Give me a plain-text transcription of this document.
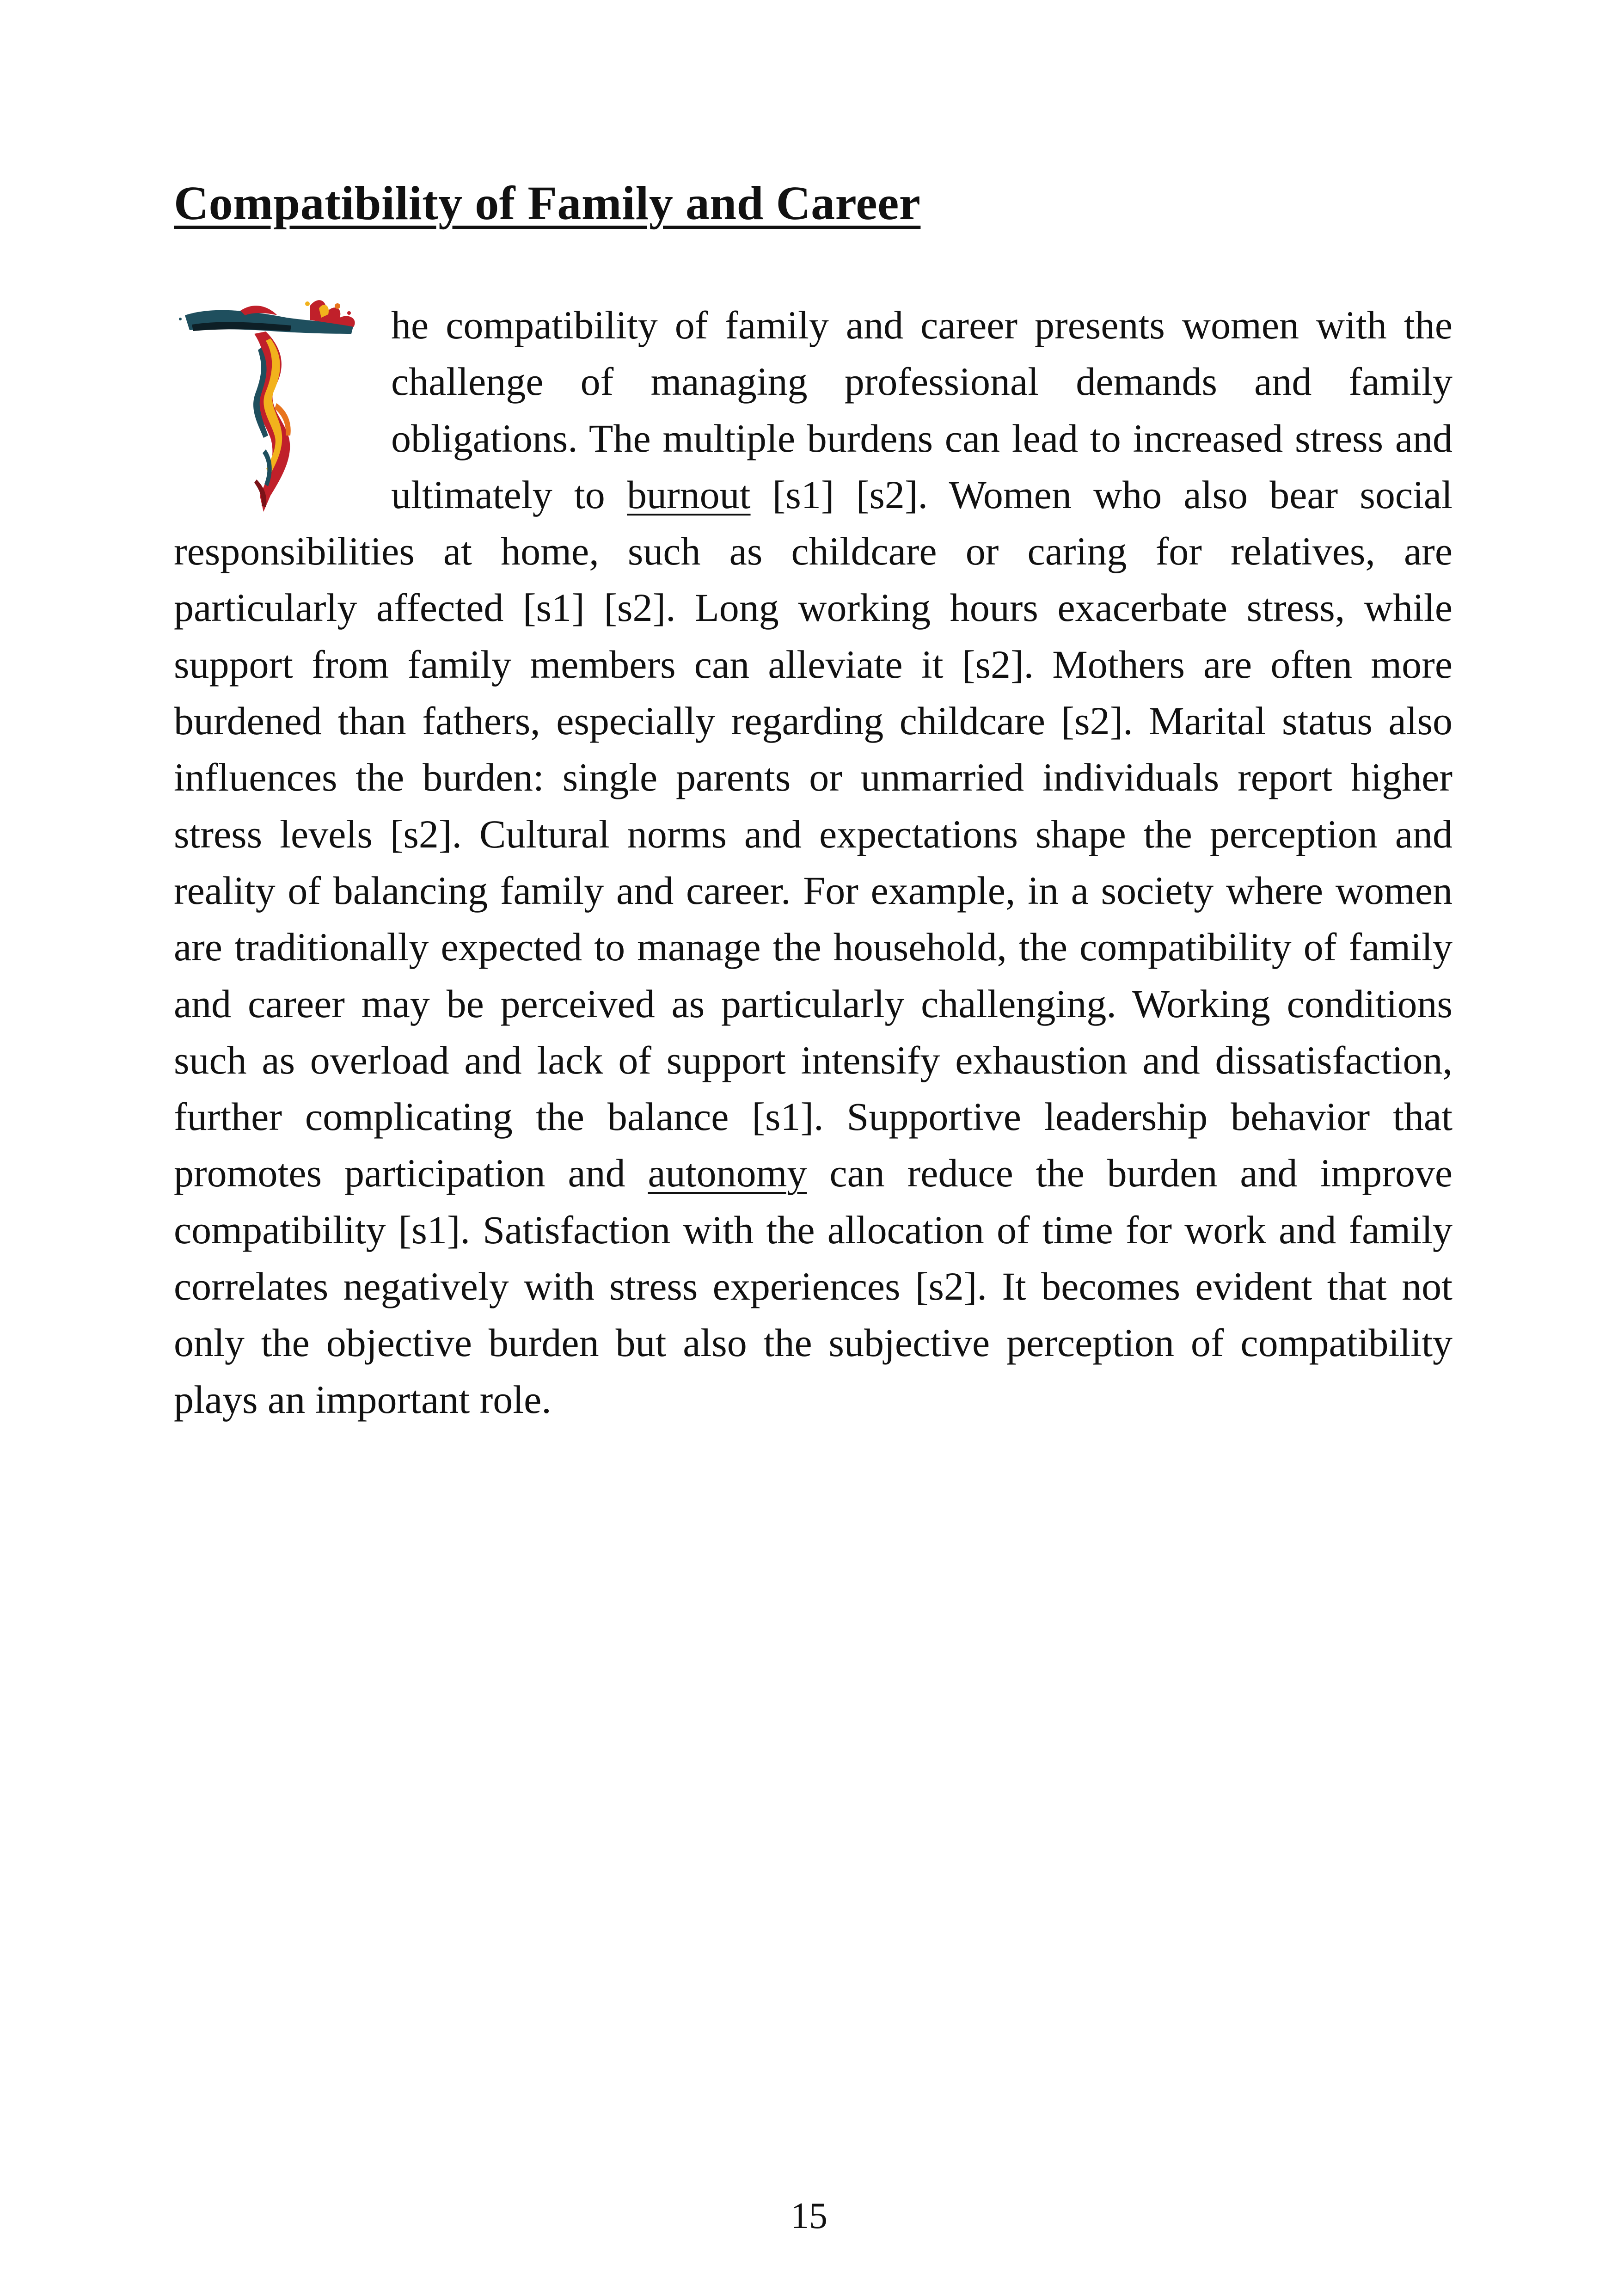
Compatibility of Family and Career

he compatibility of family and career presents women with the challenge of managing professional demands and family obligations. The multiple burdens can lead to increased stress and ultimately to burnout [s1] [s2]. Women who also bear social responsibilities at home, such as childcare or caring for relatives, are particularly affected [s1] [s2]. Long working hours exacerbate stress, while support from family members can alleviate it [s2]. Mothers are often more burdened than fathers, especially regarding childcare [s2]. Marital status also influences the burden: single parents or unmarried individuals report higher stress levels [s2]. Cultural norms and expectations shape the perception and reality of balancing family and career. For example, in a society where women are traditionally expected to manage the household, the compatibility of family and career may be perceived as particularly challenging. Working conditions such as overload and lack of support intensify exhaustion and dissatisfaction, further complicating the balance [s1]. Supportive leadership behavior that promotes participation and autonomy can reduce the burden and improve compatibility [s1]. Satisfaction with the allocation of time for work and family correlates negatively with stress experiences [s2]. It becomes evident that not only the objective burden but also the subjective perception of compatibility plays an important role.

15
